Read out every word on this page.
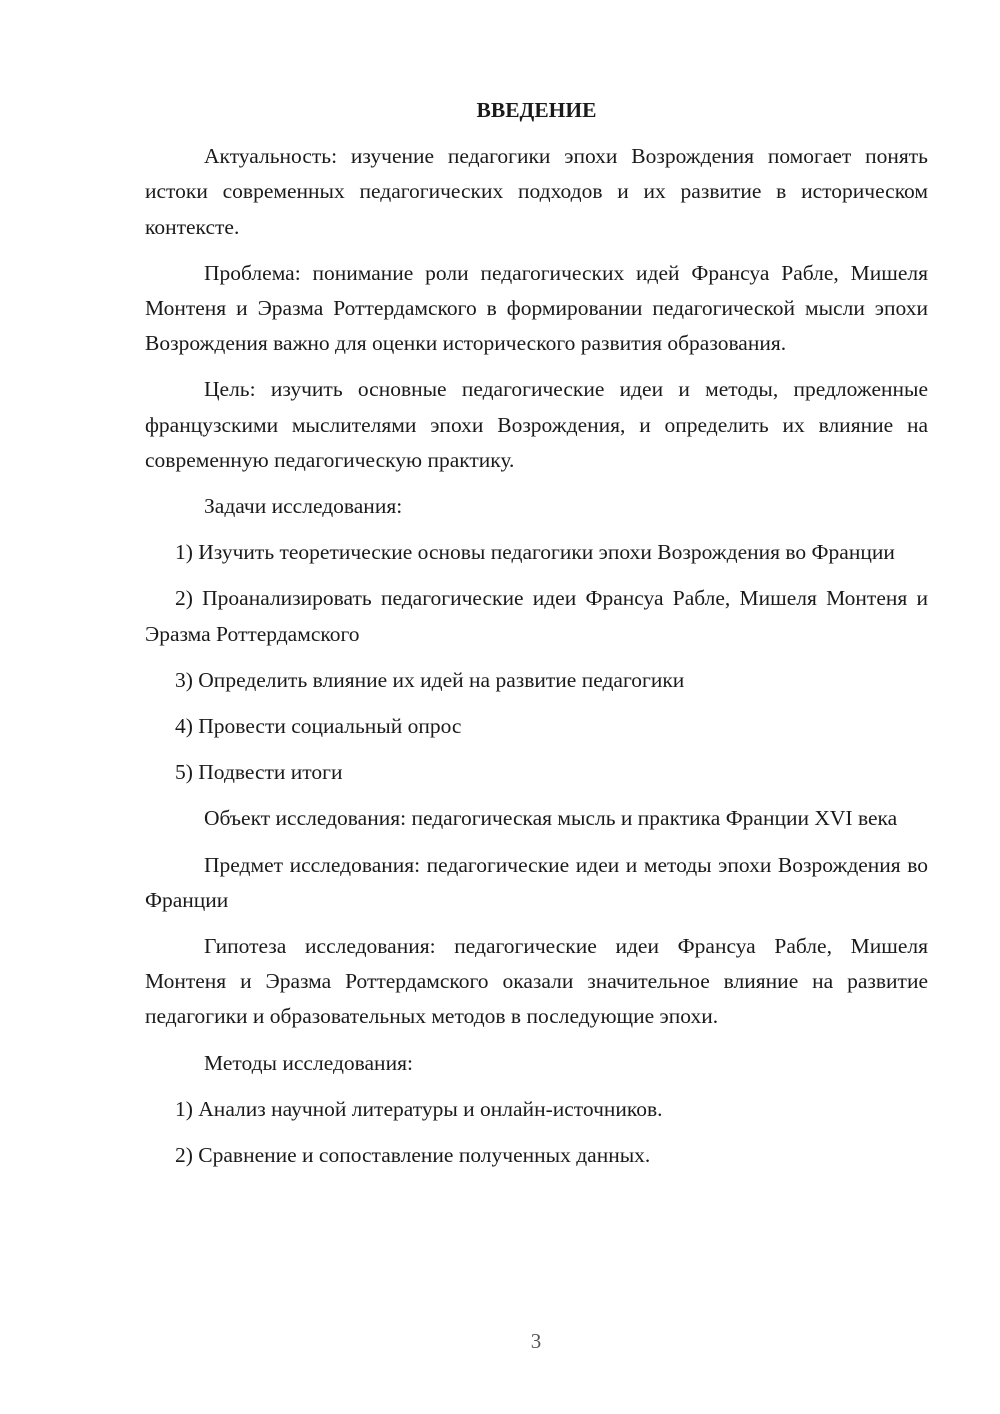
ВВЕДЕНИЕ
Актуальность: изучение педагогики эпохи Возрождения помогает понять истоки современных педагогических подходов и их развитие в историческом контексте.
Проблема: понимание роли педагогических идей Франсуа Рабле, Мишеля Монтеня и Эразма Роттердамского в формировании педагогической мысли эпохи Возрождения важно для оценки исторического развития образования.
Цель: изучить основные педагогические идеи и методы, предложенные французскими мыслителями эпохи Возрождения, и определить их влияние на современную педагогическую практику.
Задачи исследования:
1) Изучить теоретические основы педагогики эпохи Возрождения во Франции
2) Проанализировать педагогические идеи Франсуа Рабле, Мишеля Монтеня и Эразма Роттердамского
3) Определить влияние их идей на развитие педагогики
4) Провести социальный опрос
5) Подвести итоги
Объект исследования: педагогическая мысль и практика Франции XVI века
Предмет исследования: педагогические идеи и методы эпохи Возрождения во Франции
Гипотеза исследования: педагогические идеи Франсуа Рабле, Мишеля Монтеня и Эразма Роттердамского оказали значительное влияние на развитие педагогики и образовательных методов в последующие эпохи.
Методы исследования:
1) Анализ научной литературы и онлайн-источников.
2) Сравнение и сопоставление полученных данных.
3
